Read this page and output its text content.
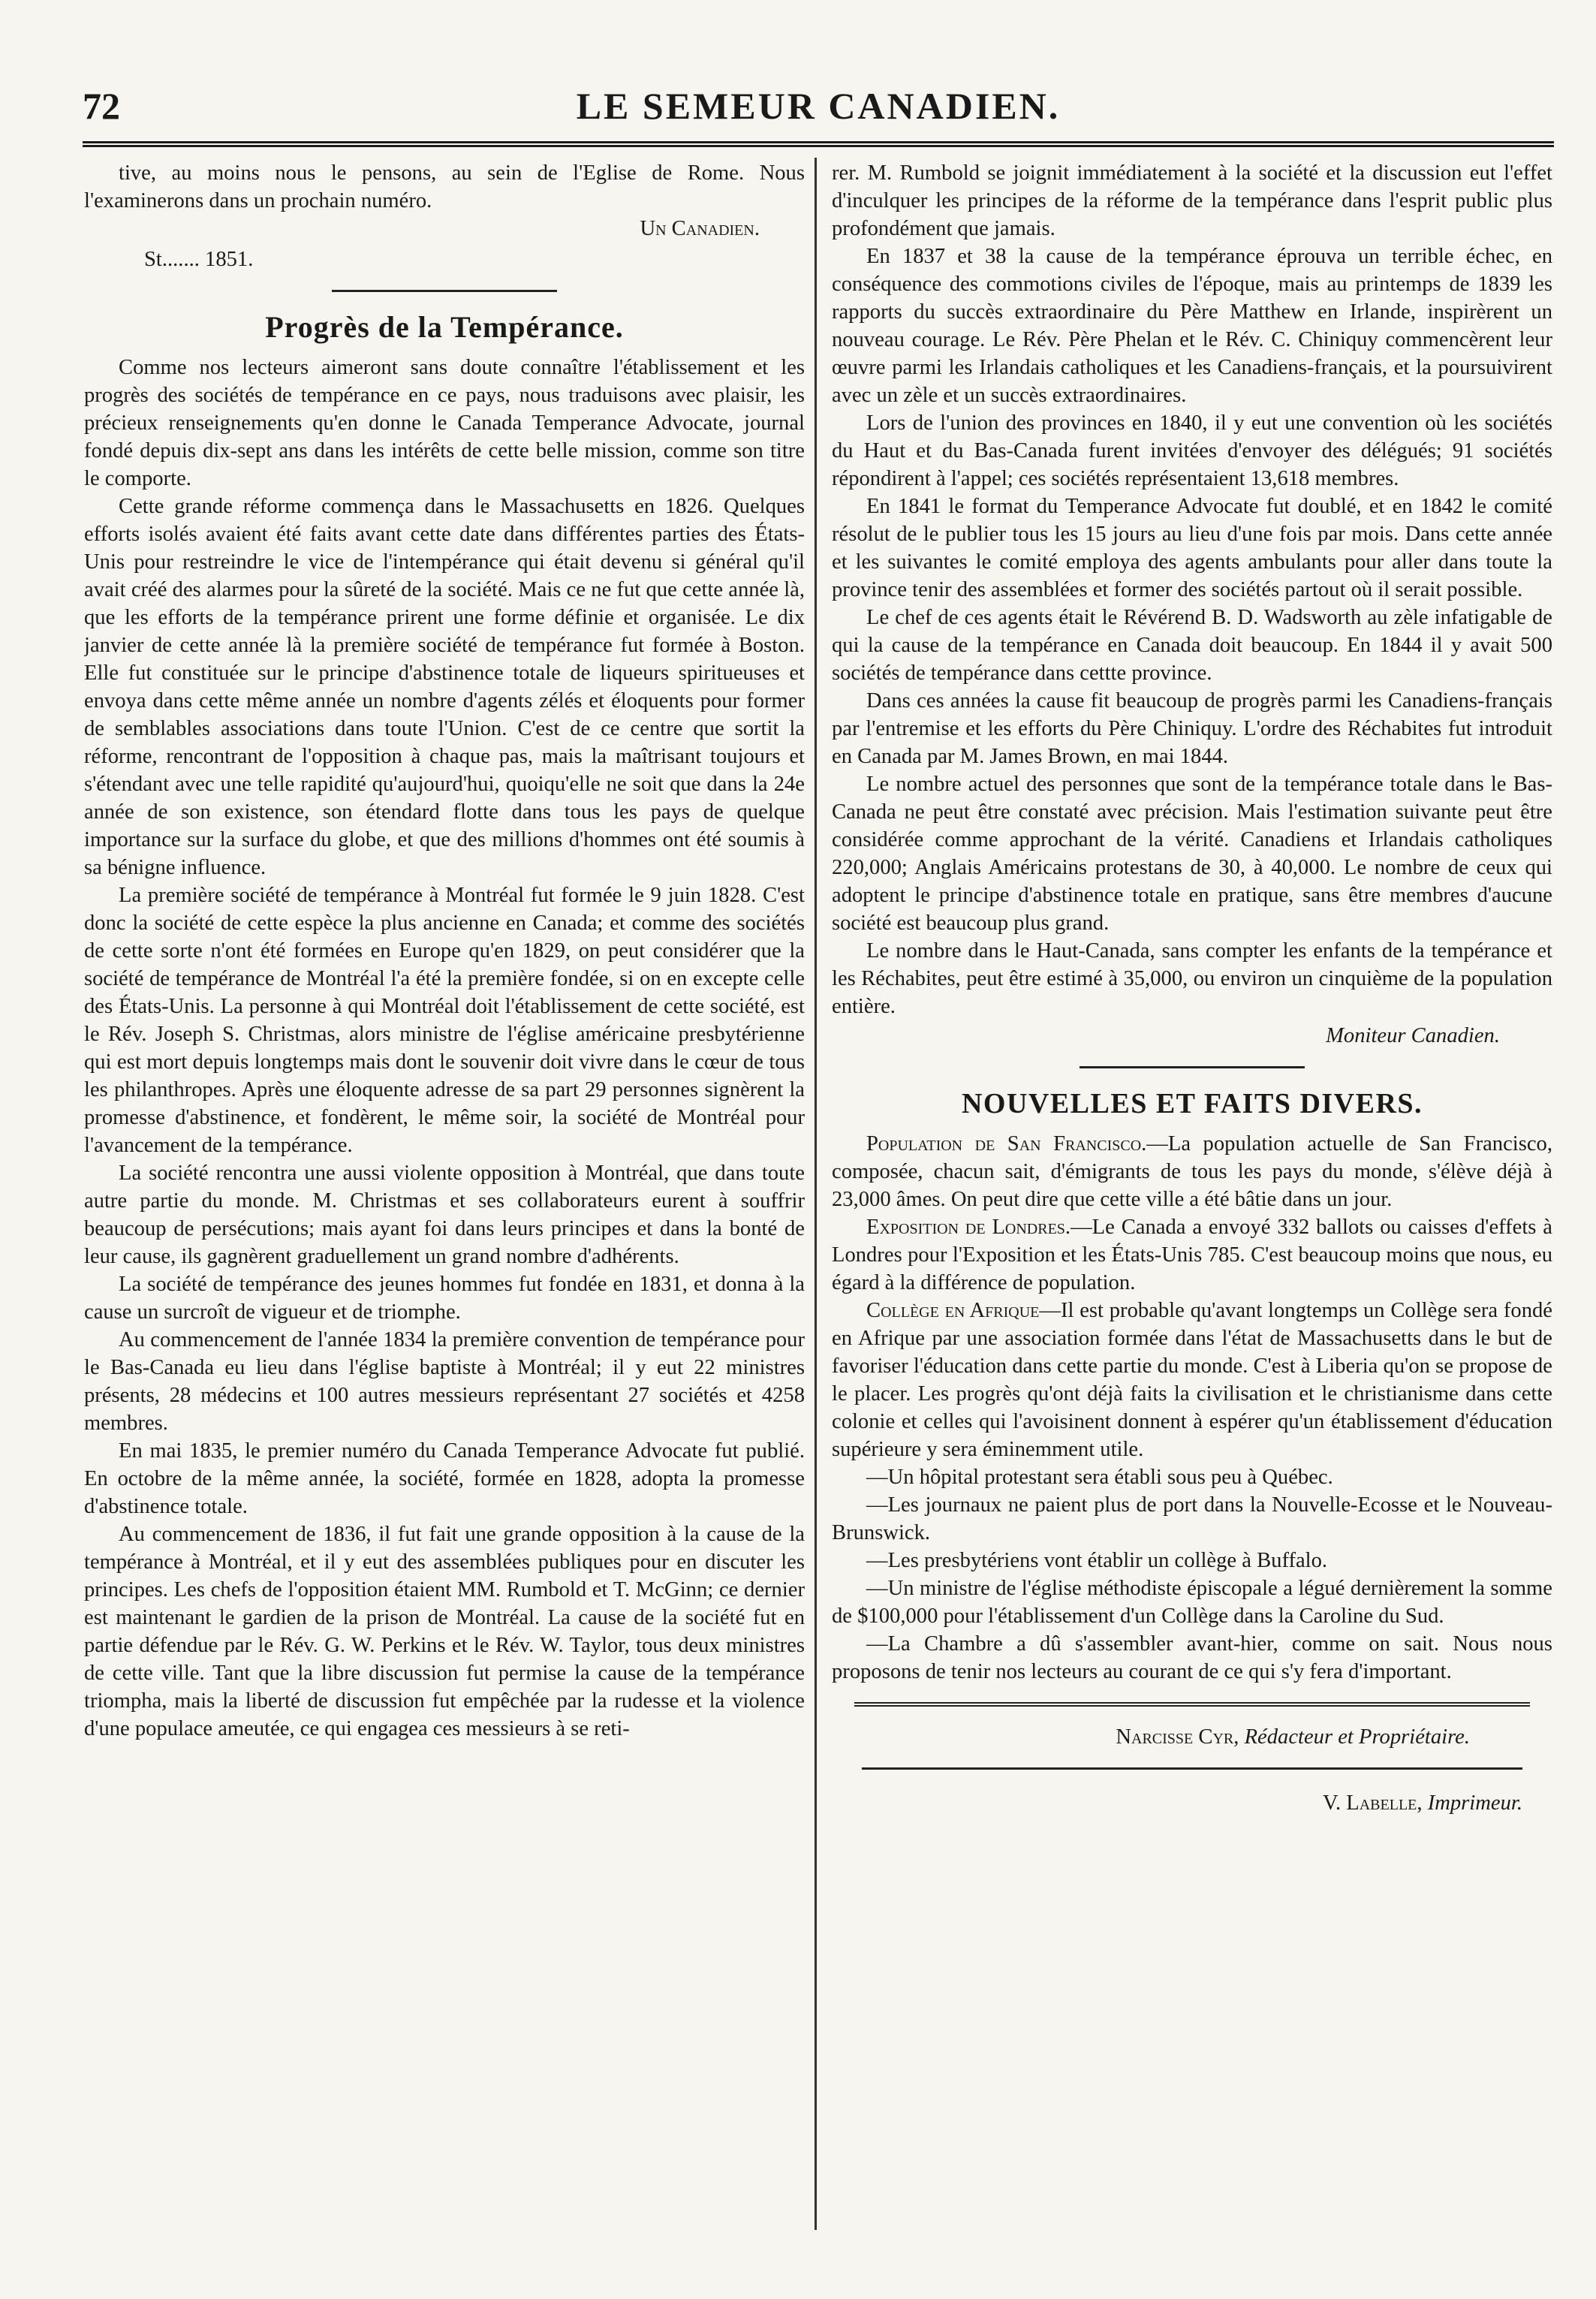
72	LE SEMEUR CANADIEN.

tive, au moins nous le pensons, au sein de l'Eglise de Rome. Nous l'examinerons dans un prochain numéro.

Un Canadien.

St....... 1851.

Progrès de la Tempérance.

Comme nos lecteurs aimeront sans doute connaître l'établissement et les progrès des sociétés de tempérance en ce pays, nous traduisons avec plaisir, les précieux renseignements qu'en donne le Canada Temperance Advocate, journal fondé depuis dix-sept ans dans les intérêts de cette belle mission, comme son titre le comporte.

Cette grande réforme commença dans le Massachusetts en 1826. Quelques efforts isolés avaient été faits avant cette date dans différentes parties des États-Unis pour restreindre le vice de l'intempérance qui était devenu si général qu'il avait créé des alarmes pour la sûreté de la société. Mais ce ne fut que cette année là, que les efforts de la tempérance prirent une forme définie et organisée. Le dix janvier de cette année là la première société de tempérance fut formée à Boston. Elle fut constituée sur le principe d'abstinence totale de liqueurs spiritueuses et envoya dans cette même année un nombre d'agents zélés et éloquents pour former de semblables associations dans toute l'Union. C'est de ce centre que sortit la réforme, rencontrant de l'opposition à chaque pas, mais la maîtrisant toujours et s'étendant avec une telle rapidité qu'aujourd'hui, quoiqu'elle ne soit que dans la 24e année de son existence, son étendard flotte dans tous les pays de quelque importance sur la surface du globe, et que des millions d'hommes ont été soumis à sa bénigne influence.

La première société de tempérance à Montréal fut formée le 9 juin 1828. C'est donc la société de cette espèce la plus ancienne en Canada; et comme des sociétés de cette sorte n'ont été formées en Europe qu'en 1829, on peut considérer que la société de tempérance de Montréal l'a été la première fondée, si on en excepte celle des États-Unis. La personne à qui Montréal doit l'établissement de cette société, est le Rév. Joseph S. Christmas, alors ministre de l'église américaine presbytérienne qui est mort depuis longtemps mais dont le souvenir doit vivre dans le cœur de tous les philanthropes. Après une éloquente adresse de sa part 29 personnes signèrent la promesse d'abstinence, et fondèrent, le même soir, la société de Montréal pour l'avancement de la tempérance.

La société rencontra une aussi violente opposition à Montréal, que dans toute autre partie du monde. M. Christmas et ses collaborateurs eurent à souffrir beaucoup de persécutions; mais ayant foi dans leurs principes et dans la bonté de leur cause, ils gagnèrent graduellement un grand nombre d'adhérents.

La société de tempérance des jeunes hommes fut fondée en 1831, et donna à la cause un surcroît de vigueur et de triomphe.

Au commencement de l'année 1834 la première convention de tempérance pour le Bas-Canada eu lieu dans l'église baptiste à Montréal; il y eut 22 ministres présents, 28 médecins et 100 autres messieurs représentant 27 sociétés et 4258 membres.

En mai 1835, le premier numéro du Canada Temperance Advocate fut publié. En octobre de la même année, la société, formée en 1828, adopta la promesse d'abstinence totale.

Au commencement de 1836, il fut fait une grande opposition à la cause de la tempérance à Montréal, et il y eut des assemblées publiques pour en discuter les principes. Les chefs de l'opposition étaient MM. Rumbold et T. McGinn; ce dernier est maintenant le gardien de la prison de Montréal. La cause de la société fut en partie défendue par le Rév. G. W. Perkins et le Rév. W. Taylor, tous deux ministres de cette ville. Tant que la libre discussion fut permise la cause de la tempérance triompha, mais la liberté de discussion fut empêchée par la rudesse et la violence d'une populace ameutée, ce qui engagea ces messieurs à se reti-

rer. M. Rumbold se joignit immédiatement à la société et la discussion eut l'effet d'inculquer les principes de la réforme de la tempérance dans l'esprit public plus profondément que jamais.

En 1837 et 38 la cause de la tempérance éprouva un terrible échec, en conséquence des commotions civiles de l'époque, mais au printemps de 1839 les rapports du succès extraordinaire du Père Matthew en Irlande, inspirèrent un nouveau courage. Le Rév. Père Phelan et le Rév. C. Chiniquy commencèrent leur œuvre parmi les Irlandais catholiques et les Canadiens-français, et la poursuivirent avec un zèle et un succès extraordinaires.

Lors de l'union des provinces en 1840, il y eut une convention où les sociétés du Haut et du Bas-Canada furent invitées d'envoyer des délégués; 91 sociétés répondirent à l'appel; ces sociétés représentaient 13,618 membres.

En 1841 le format du Temperance Advocate fut doublé, et en 1842 le comité résolut de le publier tous les 15 jours au lieu d'une fois par mois. Dans cette année et les suivantes le comité employa des agents ambulants pour aller dans toute la province tenir des assemblées et former des sociétés partout où il serait possible.

Le chef de ces agents était le Révérend B. D. Wadsworth au zèle infatigable de qui la cause de la tempérance en Canada doit beaucoup. En 1844 il y avait 500 sociétés de tempérance dans cettte province.

Dans ces années la cause fit beaucoup de progrès parmi les Canadiens-français par l'entremise et les efforts du Père Chiniquy. L'ordre des Réchabites fut introduit en Canada par M. James Brown, en mai 1844.

Le nombre actuel des personnes que sont de la tempérance totale dans le Bas-Canada ne peut être constaté avec précision. Mais l'estimation suivante peut être considérée comme approchant de la vérité. Canadiens et Irlandais catholiques 220,000; Anglais Américains protestans de 30, à 40,000. Le nombre de ceux qui adoptent le principe d'abstinence totale en pratique, sans être membres d'aucune société est beaucoup plus grand.

Le nombre dans le Haut-Canada, sans compter les enfants de la tempérance et les Réchabites, peut être estimé à 35,000, ou environ un cinquième de la population entière.

Moniteur Canadien.

NOUVELLES ET FAITS DIVERS.

Population de San Francisco.—La population actuelle de San Francisco, composée, chacun sait, d'émigrants de tous les pays du monde, s'élève déjà à 23,000 âmes. On peut dire que cette ville a été bâtie dans un jour.

Exposition de Londres.—Le Canada a envoyé 332 ballots ou caisses d'effets à Londres pour l'Exposition et les États-Unis 785. C'est beaucoup moins que nous, eu égard à la différence de population.

Collège en Afrique—Il est probable qu'avant longtemps un Collège sera fondé en Afrique par une association formée dans l'état de Massachusetts dans le but de favoriser l'éducation dans cette partie du monde. C'est à Liberia qu'on se propose de le placer. Les progrès qu'ont déjà faits la civilisation et le christianisme dans cette colonie et celles qui l'avoisinent donnent à espérer qu'un établissement d'éducation supérieure y sera éminemment utile.

—Un hôpital protestant sera établi sous peu à Québec.

—Les journaux ne paient plus de port dans la Nouvelle-Ecosse et le Nouveau-Brunswick.

—Les presbytériens vont établir un collège à Buffalo.

—Un ministre de l'église méthodiste épiscopale a légué dernièrement la somme de $100,000 pour l'établissement d'un Collège dans la Caroline du Sud.

—La Chambre a dû s'assembler avant-hier, comme on sait. Nous nous proposons de tenir nos lecteurs au courant de ce qui s'y fera d'important.

Narcisse Cyr, Rédacteur et Propriétaire.

V. Labelle, Imprimeur.
